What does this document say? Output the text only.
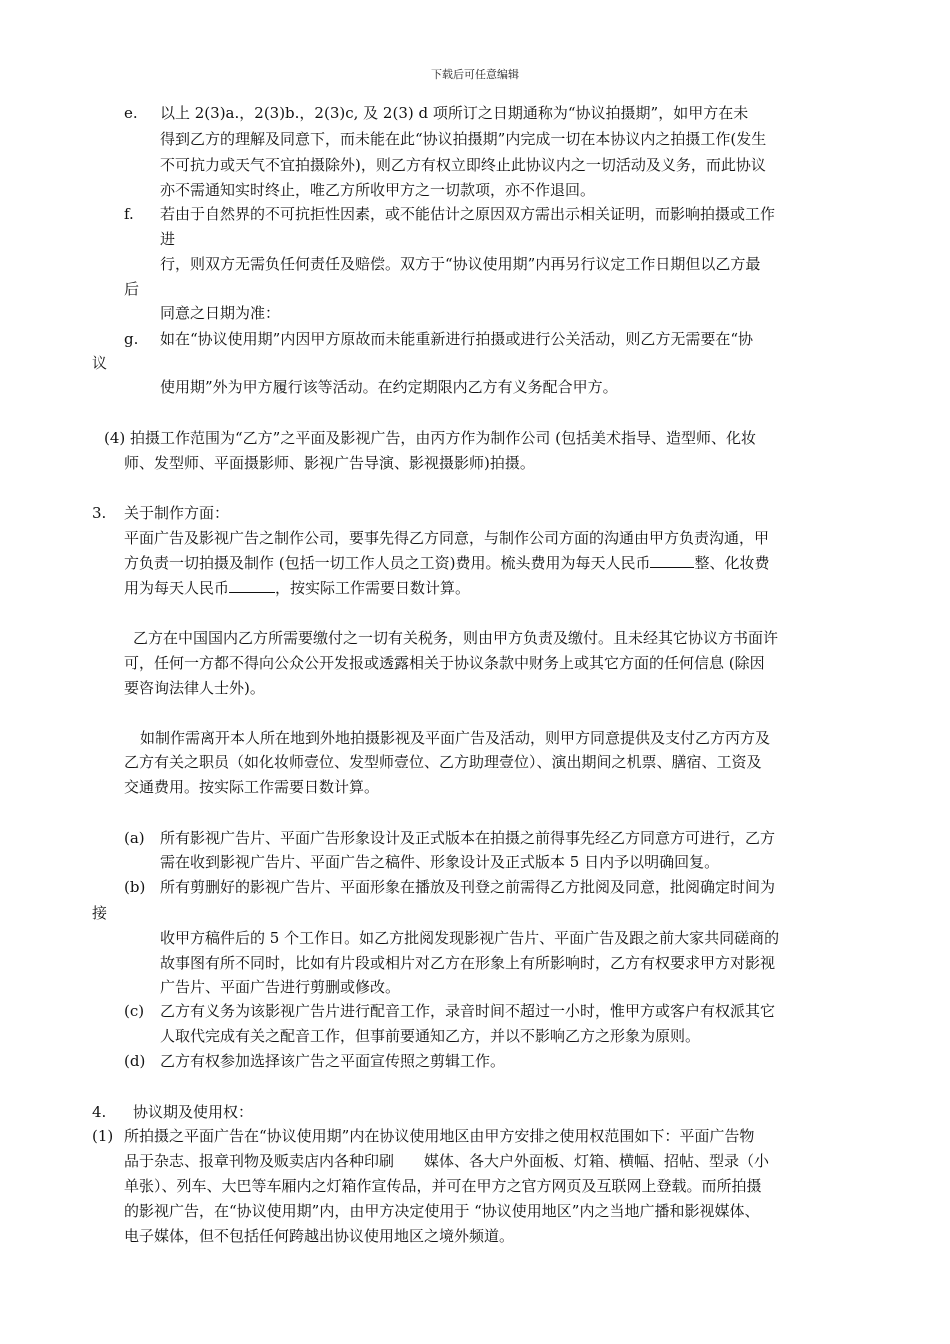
下载后可任意编辑
e. 以上 2(3)a.，2(3)b.，2(3)c, 及 2(3) d 项所订之日期通称为“协议拍摄期”，如甲方在未
得到乙方的理解及同意下，而未能在此“协议拍摄期”内完成一切在本协议内之拍摄工作(发生
不可抗力或天气不宜拍摄除外)，则乙方有权立即终止此协议内之一切活动及义务，而此协议
亦不需通知实时终止，唯乙方所收甲方之一切款项，亦不作退回。
f. 若由于自然界的不可抗拒性因素，或不能估计之原因双方需出示相关证明，而影响拍摄或工作
进
行，则双方无需负任何责任及赔偿。双方于“协议使用期”内再另行议定工作日期但以乙方最
后
同意之日期为准：
g. 如在“协议使用期”内因甲方原故而未能重新进行拍摄或进行公关活动，则乙方无需要在“协
议
使用期”外为甲方履行该等活动。在约定期限内乙方有义务配合甲方。
(4) 拍摄工作范围为“乙方”之平面及影视广告，由丙方作为制作公司 (包括美术指导、造型师、化妆
师、发型师、平面摄影师、影视广告导演、影视摄影师)拍摄。
3. 关于制作方面：
平面广告及影视广告之制作公司，要事先得乙方同意，与制作公司方面的沟通由甲方负责沟通，甲
方负责一切拍摄及制作 (包括一切工作人员之工资)费用。梳头费用为每天人民币	整、化妆费
用为每天人民币	，按实际工作需要日数计算。
乙方在中国国内乙方所需要缴付之一切有关税务，则由甲方负责及缴付。且未经其它协议方书面许
可，任何一方都不得向公众公开发报或透露相关于协议条款中财务上或其它方面的任何信息 (除因
要咨询法律人士外)。
如制作需离开本人所在地到外地拍摄影视及平面广告及活动，则甲方同意提供及支付乙方丙方及
乙方有关之职员（如化妆师壹位、发型师壹位、乙方助理壹位）、演出期间之机票、膳宿、工资及
交通费用。按实际工作需要日数计算。
(a) 所有影视广告片、平面广告形象设计及正式版本在拍摄之前得事先经乙方同意方可进行，乙方
需在收到影视广告片、平面广告之稿件、形象设计及正式版本 5 日内予以明确回复。
(b) 所有剪删好的影视广告片、平面形象在播放及刊登之前需得乙方批阅及同意，批阅确定时间为
接
收甲方稿件后的 5 个工作日。如乙方批阅发现影视广告片、平面广告及跟之前大家共同磋商的
故事图有所不同时，比如有片段或相片对乙方在形象上有所影响时，乙方有权要求甲方对影视
广告片、平面广告进行剪删或修改。
(c) 乙方有义务为该影视广告片进行配音工作，录音时间不超过一小时，惟甲方或客户有权派其它
人取代完成有关之配音工作，但事前要通知乙方，并以不影响乙方之形象为原则。
(d) 乙方有权参加选择该广告之平面宣传照之剪辑工作。
4. 协议期及使用权：
(1) 所拍摄之平面广告在“协议使用期”内在协议使用地区由甲方安排之使用权范围如下：平面广告物
品于杂志、报章刊物及贩卖店内各种印刷　　媒体、各大户外面板、灯箱、横幅、招帖、型录（小
单张）、列车、大巴等车厢内之灯箱作宣传品，并可在甲方之官方网页及互联网上登载。而所拍摄
的影视广告，在“协议使用期”内，由甲方决定使用于 “协议使用地区”内之当地广播和影视媒体、
电子媒体，但不包括任何跨越出协议使用地区之境外频道。
